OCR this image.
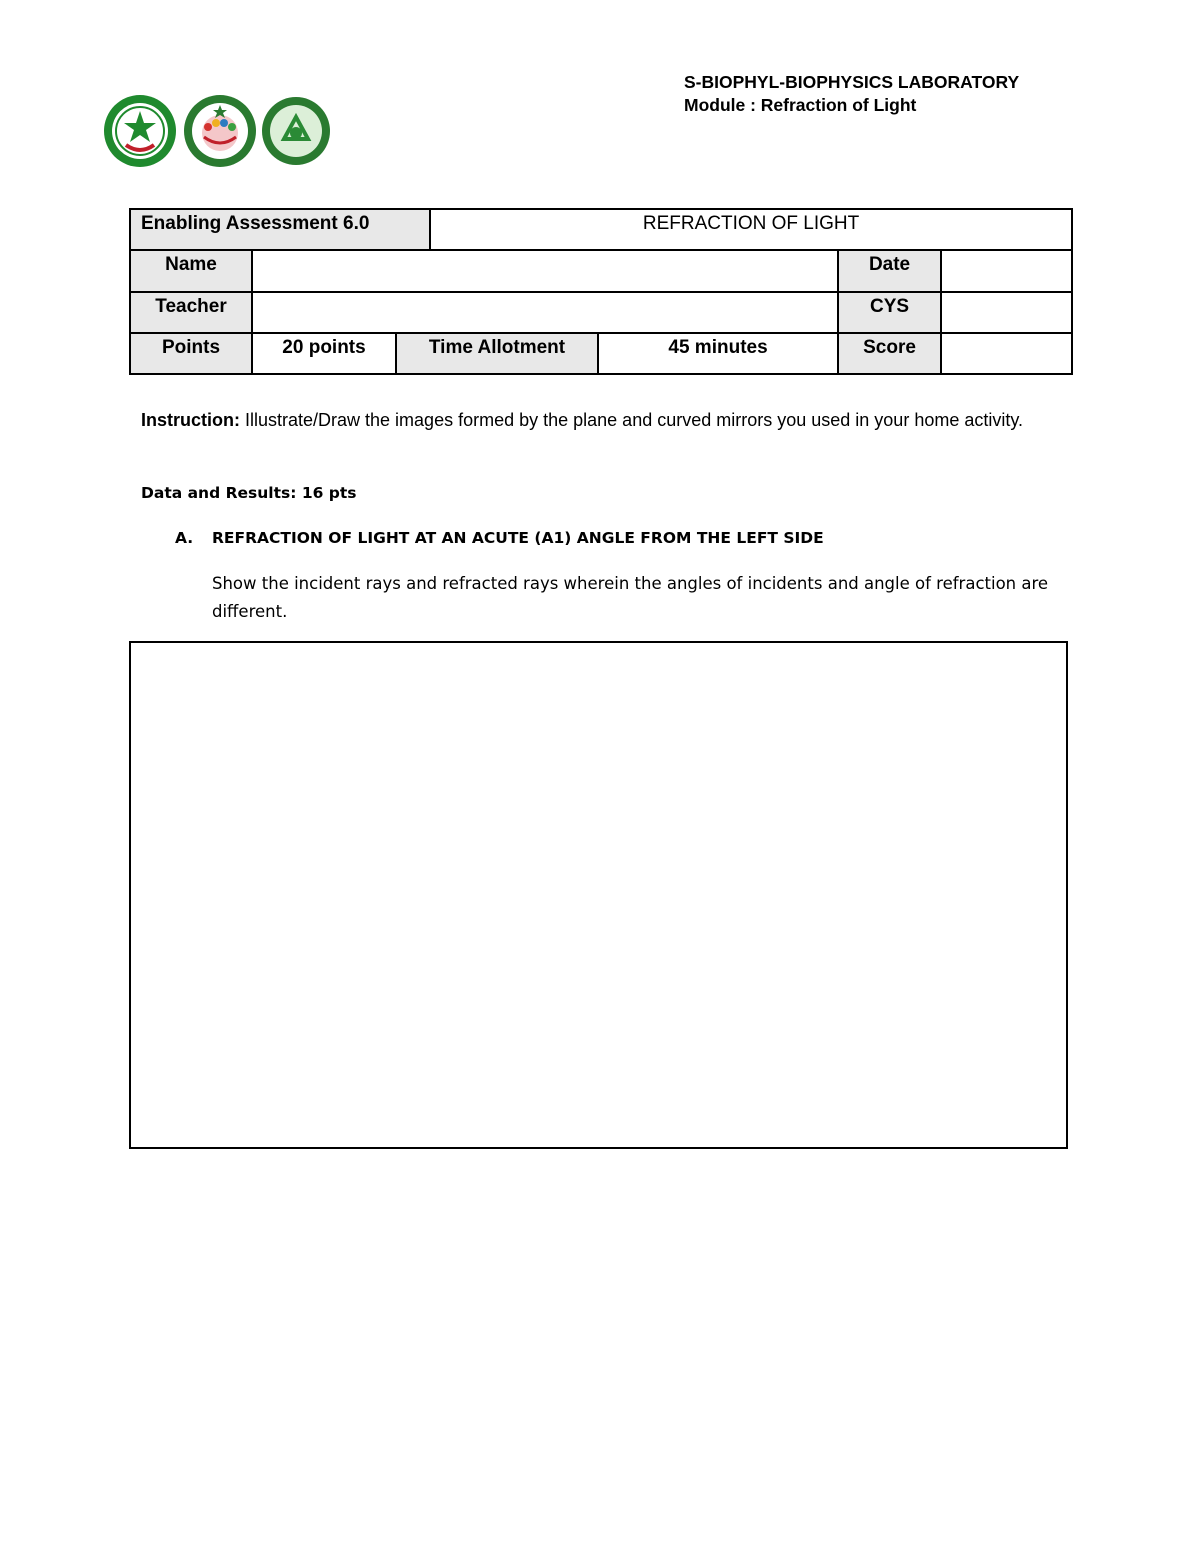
S-BIOPHYL-BIOPHYSICS LABORATORY
Module : Refraction of Light
Enabling Assessment 6.0			REFRACTION OF LIGHT			
Name					Date	
Teacher					CYS	
Points	20 points	Time Allotment		45 minutes	Score	
Instruction: Illustrate/Draw the images formed by the plane and curved mirrors you used in your home activity.
Data and Results: 16 pts
A. REFRACTION OF LIGHT AT AN ACUTE (A1) ANGLE FROM THE LEFT SIDE
Show the incident rays and refracted rays wherein the angles of incidents and angle of refraction are different.
